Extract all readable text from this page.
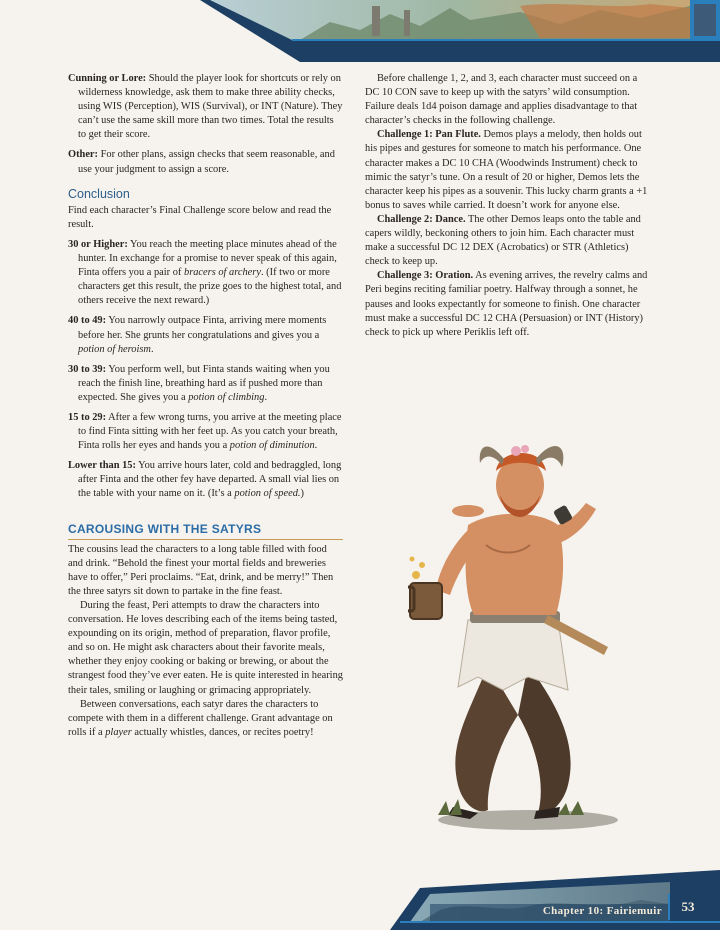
Cunning or Lore: Should the player look for shortcuts or rely on wilderness knowledge, ask them to make three ability checks, using WIS (Perception), WIS (Survival), or INT (Nature). They can’t use the same skill more than two times. Total the results to get their score.

Other: For other plans, assign checks that seem reasonable, and use your judgment to assign a score.

Conclusion

Find each character’s Final Challenge score below and read the result.

30 or Higher: You reach the meeting place minutes ahead of the hunter. In exchange for a promise to never speak of this again, Finta offers you a pair of bracers of archery. (If two or more characters get this result, the prize goes to the highest total, and others receive the next reward.)

40 to 49: You narrowly outpace Finta, arriving mere moments before her. She grunts her congratulations and gives you a potion of heroism.

30 to 39: You perform well, but Finta stands waiting when you reach the finish line, breathing hard as if pushed more than expected. She gives you a potion of climbing.

15 to 29: After a few wrong turns, you arrive at the meeting place to find Finta sitting with her feet up. As you catch your breath, Finta rolls her eyes and hands you a potion of diminution.

Lower than 15: You arrive hours later, cold and bedraggled, long after Finta and the other fey have departed. A small vial lies on the table with your name on it. (It’s a potion of speed.)

CAROUSING WITH THE SATYRS

The cousins lead the characters to a long table filled with food and drink. “Behold the finest your mortal fields and breweries have to offer,” Peri proclaims. “Eat, drink, and be merry!” Then the three satyrs sit down to partake in the fine feast.

During the feast, Peri attempts to draw the characters into conversation. He loves describing each of the items being tasted, expounding on its origin, method of preparation, flavor profile, and so on. He might ask characters about their favorite meals, whether they enjoy cooking or baking or brewing, or about the strangest food they’ve ever eaten. He is quite interested in hearing their tales, smiling or laughing or grimacing appropriately.

Between conversations, each satyr dares the characters to compete with them in a different challenge. Grant advantage on rolls if a player actually whistles, dances, or recites poetry!

Before challenge 1, 2, and 3, each character must succeed on a DC 10 CON save to keep up with the satyrs’ wild consumption. Failure deals 1d4 poison damage and applies disadvantage to that character’s checks in the following challenge.

Challenge 1: Pan Flute. Demos plays a melody, then holds out his pipes and gestures for someone to match his performance. One character makes a DC 10 CHA (Woodwinds Instrument) check to mimic the satyr’s tune. On a result of 20 or higher, Demos lets the character keep his pipes as a souvenir. This lucky charm grants a +1 bonus to saves while carried. It doesn’t work for anyone else.

Challenge 2: Dance. The other Demos leaps onto the table and capers wildly, beckoning others to join him. Each character must make a successful DC 12 DEX (Acrobatics) or STR (Athletics) check to keep up.

Challenge 3: Oration. As evening arrives, the revelry calms and Peri begins reciting familiar poetry. Halfway through a sonnet, he pauses and looks expectantly for someone to finish. One character must make a successful DC 12 CHA (Persuasion) or INT (History) check to pick up where Periklis left off.

Chapter 10: Fairiemuir	53
